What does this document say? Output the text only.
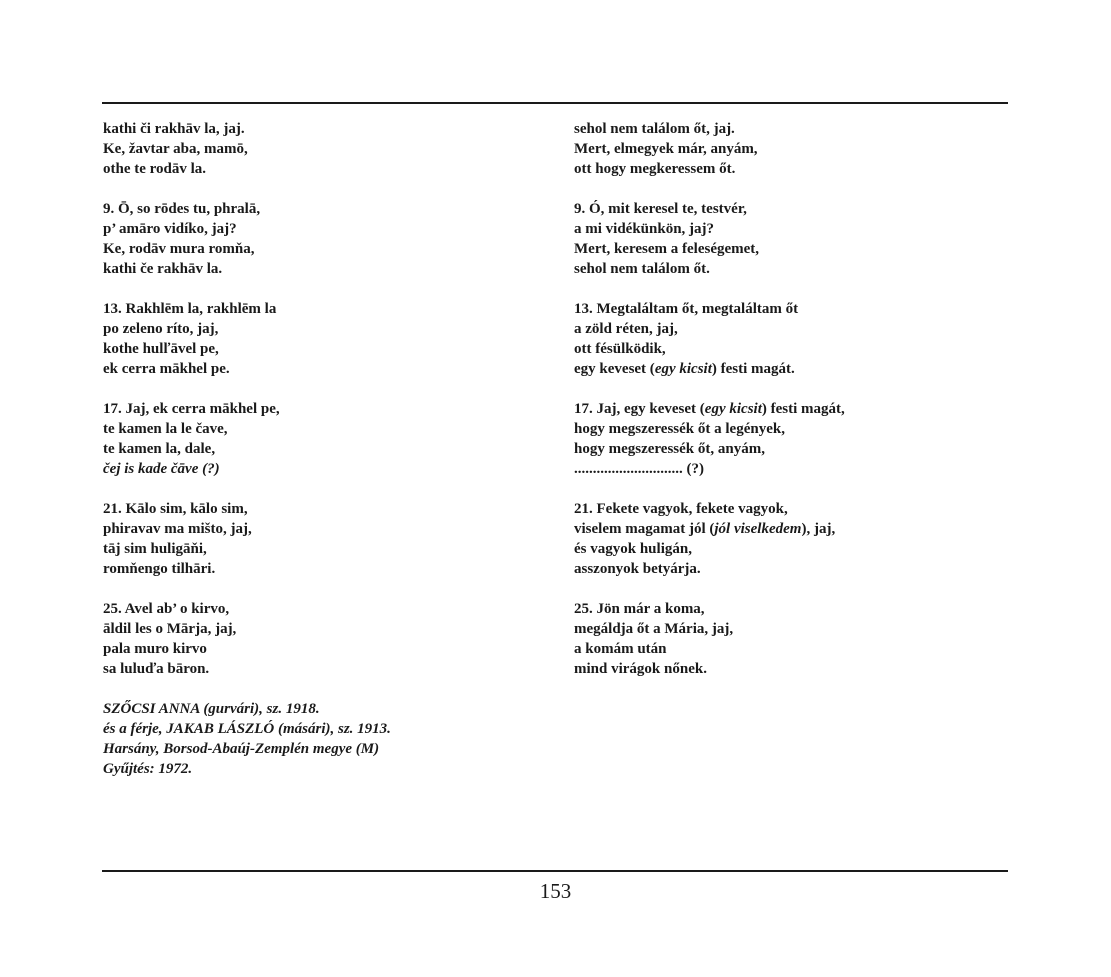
kathi či rakhāv la, jaj.
Ke, žavtar aba, mamō,
othe te rodāv la.
9. Ō, so rōdes tu, phralā,
p’ amāro vidíko, jaj?
Ke, rodāv mura romňa,
kathi če rakhāv la.
13. Rakhlēm la, rakhlēm la
po zeleno ríto, jaj,
kothe hulľāvel pe,
ek cerra mākhel pe.
17. Jaj, ek cerra mākhel pe,
te kamen la le čave,
te kamen la, dale,
čej is kade čāve (?)
21. Kālo sim, kālo sim,
phiravav ma mišto, jaj,
tāj sim huligāňi,
romňengo tilhāri.
25. Avel ab’ o kirvo,
āldil les o Mārja, jaj,
pala muro kirvo
sa luluďa bāron.
SZŐCSI ANNA (gurvári), sz. 1918.
és a férje, JAKAB LÁSZLÓ (másári), sz. 1913.
Harsány, Borsod-Abaúj-Zemplén megye (M)
Gyűjtés: 1972.
sehol nem találom őt, jaj.
Mert, elmegyek már, anyám,
ott hogy megkeressem őt.
9. Ó, mit keresel te, testvér,
a mi vidékünkön, jaj?
Mert, keresem a feleségemet,
sehol nem találom őt.
13. Megtaláltam őt, megtaláltam őt
a zöld réten, jaj,
ott fésülködik,
egy keveset (egy kicsit) festi magát.
17. Jaj, egy keveset (egy kicsit) festi magát,
hogy megszeressék őt a legények,
hogy megszeressék őt, anyám,
............................. (?)
21. Fekete vagyok, fekete vagyok,
viselem magamat jól (jól viselkedem), jaj,
és vagyok huligán,
asszonyok betyárja.
25. Jön már a koma,
megáldja őt a Mária, jaj,
a komám után
mind virágok nőnek.
153
